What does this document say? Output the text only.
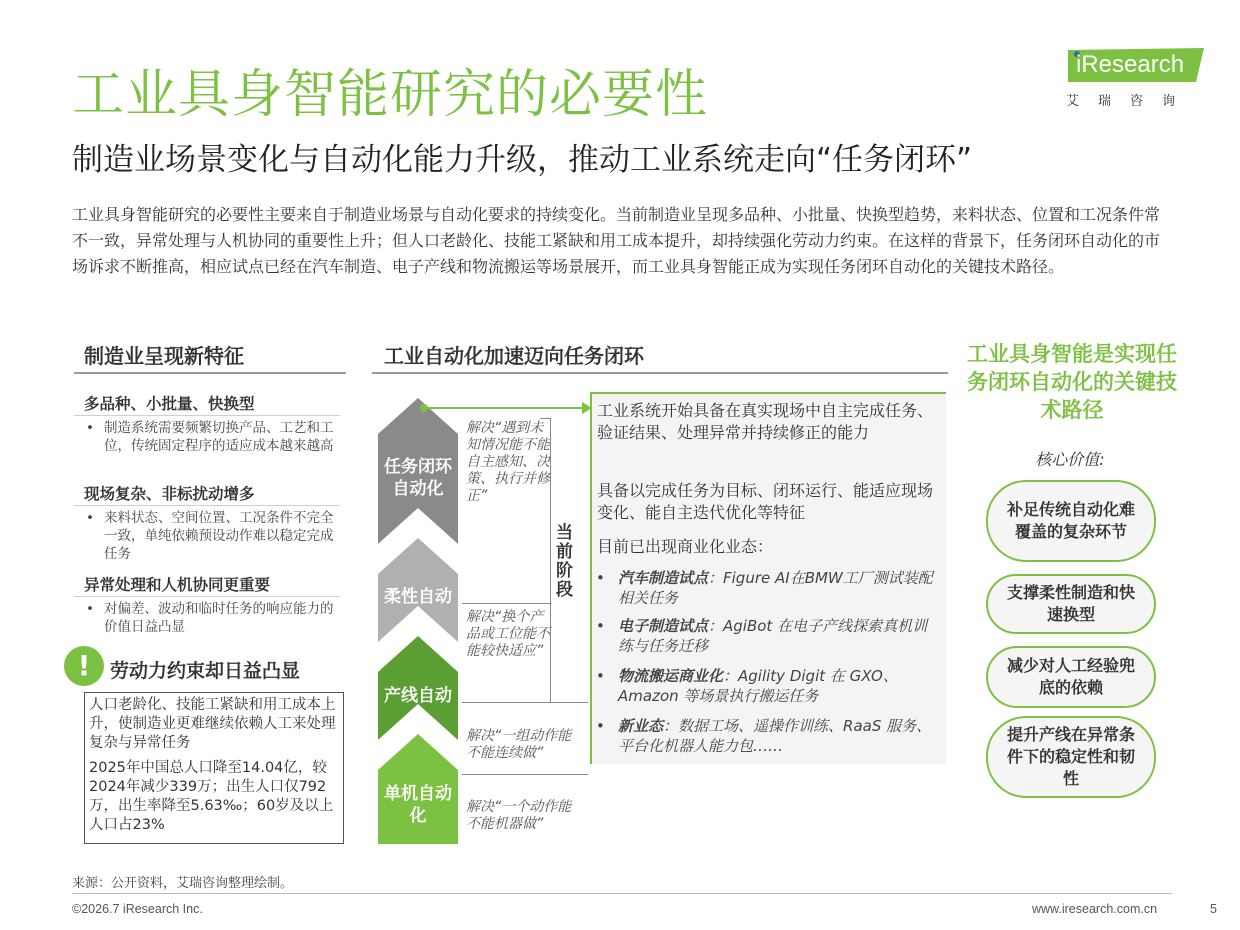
工业具身智能研究的必要性
制造业场景变化与自动化能力升级，推动工业系统走向“任务闭环”
iResearch
艾瑞咨询
工业具身智能研究的必要性主要来自于制造业场景与自动化要求的持续变化。当前制造业呈现多品种、小批量、快换型趋势，来料状态、位置和工况条件常不一致，异常处理与人机协同的重要性上升；但人口老龄化、技能工紧缺和用工成本提升，却持续强化劳动力约束。在这样的背景下，任务闭环自动化的市场诉求不断推高，相应试点已经在汽车制造、电子产线和物流搬运等场景展开，而工业具身智能正成为实现任务闭环自动化的关键技术路径。
制造业呈现新特征
多品种、小批量、快换型
• 制造系统需要频繁切换产品、工艺和工位，传统固定程序的适应成本越来越高
现场复杂、非标扰动增多
• 来料状态、空间位置、工况条件不完全一致，单纯依赖预设动作难以稳定完成任务
异常处理和人机协同更重要
• 对偏差、波动和临时任务的响应能力的价值日益凸显
!	劳动力约束却日益凸显
人口老龄化、技能工紧缺和用工成本上升，使制造业更难继续依赖人工来处理复杂与异常任务
2025年中国总人口降至14.04亿，较2024年减少339万；出生人口仅792万，出生率降至5.63‰；60岁及以上人口占23%
工业自动化加速迈向任务闭环
任务闭环自动化
柔性自动化
产线自动化
单机自动化
解决“遇到未知情况能不能自主感知、决策、执行并修正”
解决“换个产品或工位能不能较快适应”
解决“一组动作能不能连续做”
解决“一个动作能不能机器做”
当前阶段
工业系统开始具备在真实现场中自主完成任务、验证结果、处理异常并持续修正的能力
具备以完成任务为目标、闭环运行、能适应现场变化、能自主迭代优化等特征
目前已出现商业化业态：
• 汽车制造试点：Figure AI在BMW工厂测试装配相关任务
• 电子制造试点：AgiBot 在电子产线探索真机训练与任务迁移
• 物流搬运商业化：Agility Digit 在 GXO、Amazon 等场景执行搬运任务
• 新业态：数据工场、遥操作训练、RaaS 服务、平台化机器人能力包……
工业具身智能是实现任务闭环自动化的关键技术路径
核心价值:
补足传统自动化难覆盖的复杂环节
支撑柔性制造和快速换型
减少对人工经验兜底的依赖
提升产线在异常条件下的稳定性和韧性
来源：公开资料，艾瑞咨询整理绘制。
©2026.7 iResearch Inc.	www.iresearch.com.cn	5
